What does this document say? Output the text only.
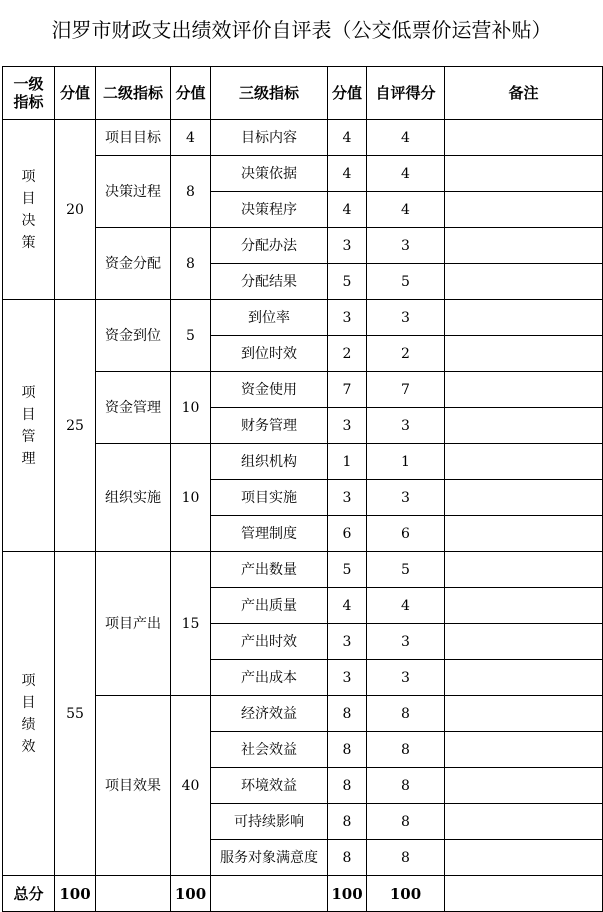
汨罗市财政支出绩效评价自评表（公交低票价运营补贴）
一级指标	分值	二级指标	分值	三级指标	分值	自评得分	备注
项目决策	20	项目目标	4	目标内容	4	4	
		决策过程	8	决策依据	4	4	
				决策程序	4	4	
		资金分配	8	分配办法	3	3	
				分配结果	5	5	
项目管理	25	资金到位	5	到位率	3	3	
				到位时效	2	2	
		资金管理	10	资金使用	7	7	
				财务管理	3	3	
		组织实施	10	组织机构	1	1	
				项目实施	3	3	
				管理制度	6	6	
项目绩效	55	项目产出	15	产出数量	5	5	
				产出质量	4	4	
				产出时效	3	3	
				产出成本	3	3	
		项目效果	40	经济效益	8	8	
				社会效益	8	8	
				环境效益	8	8	
				可持续影响	8	8	
				服务对象满意度	8	8	
总分	100		100		100	100	
